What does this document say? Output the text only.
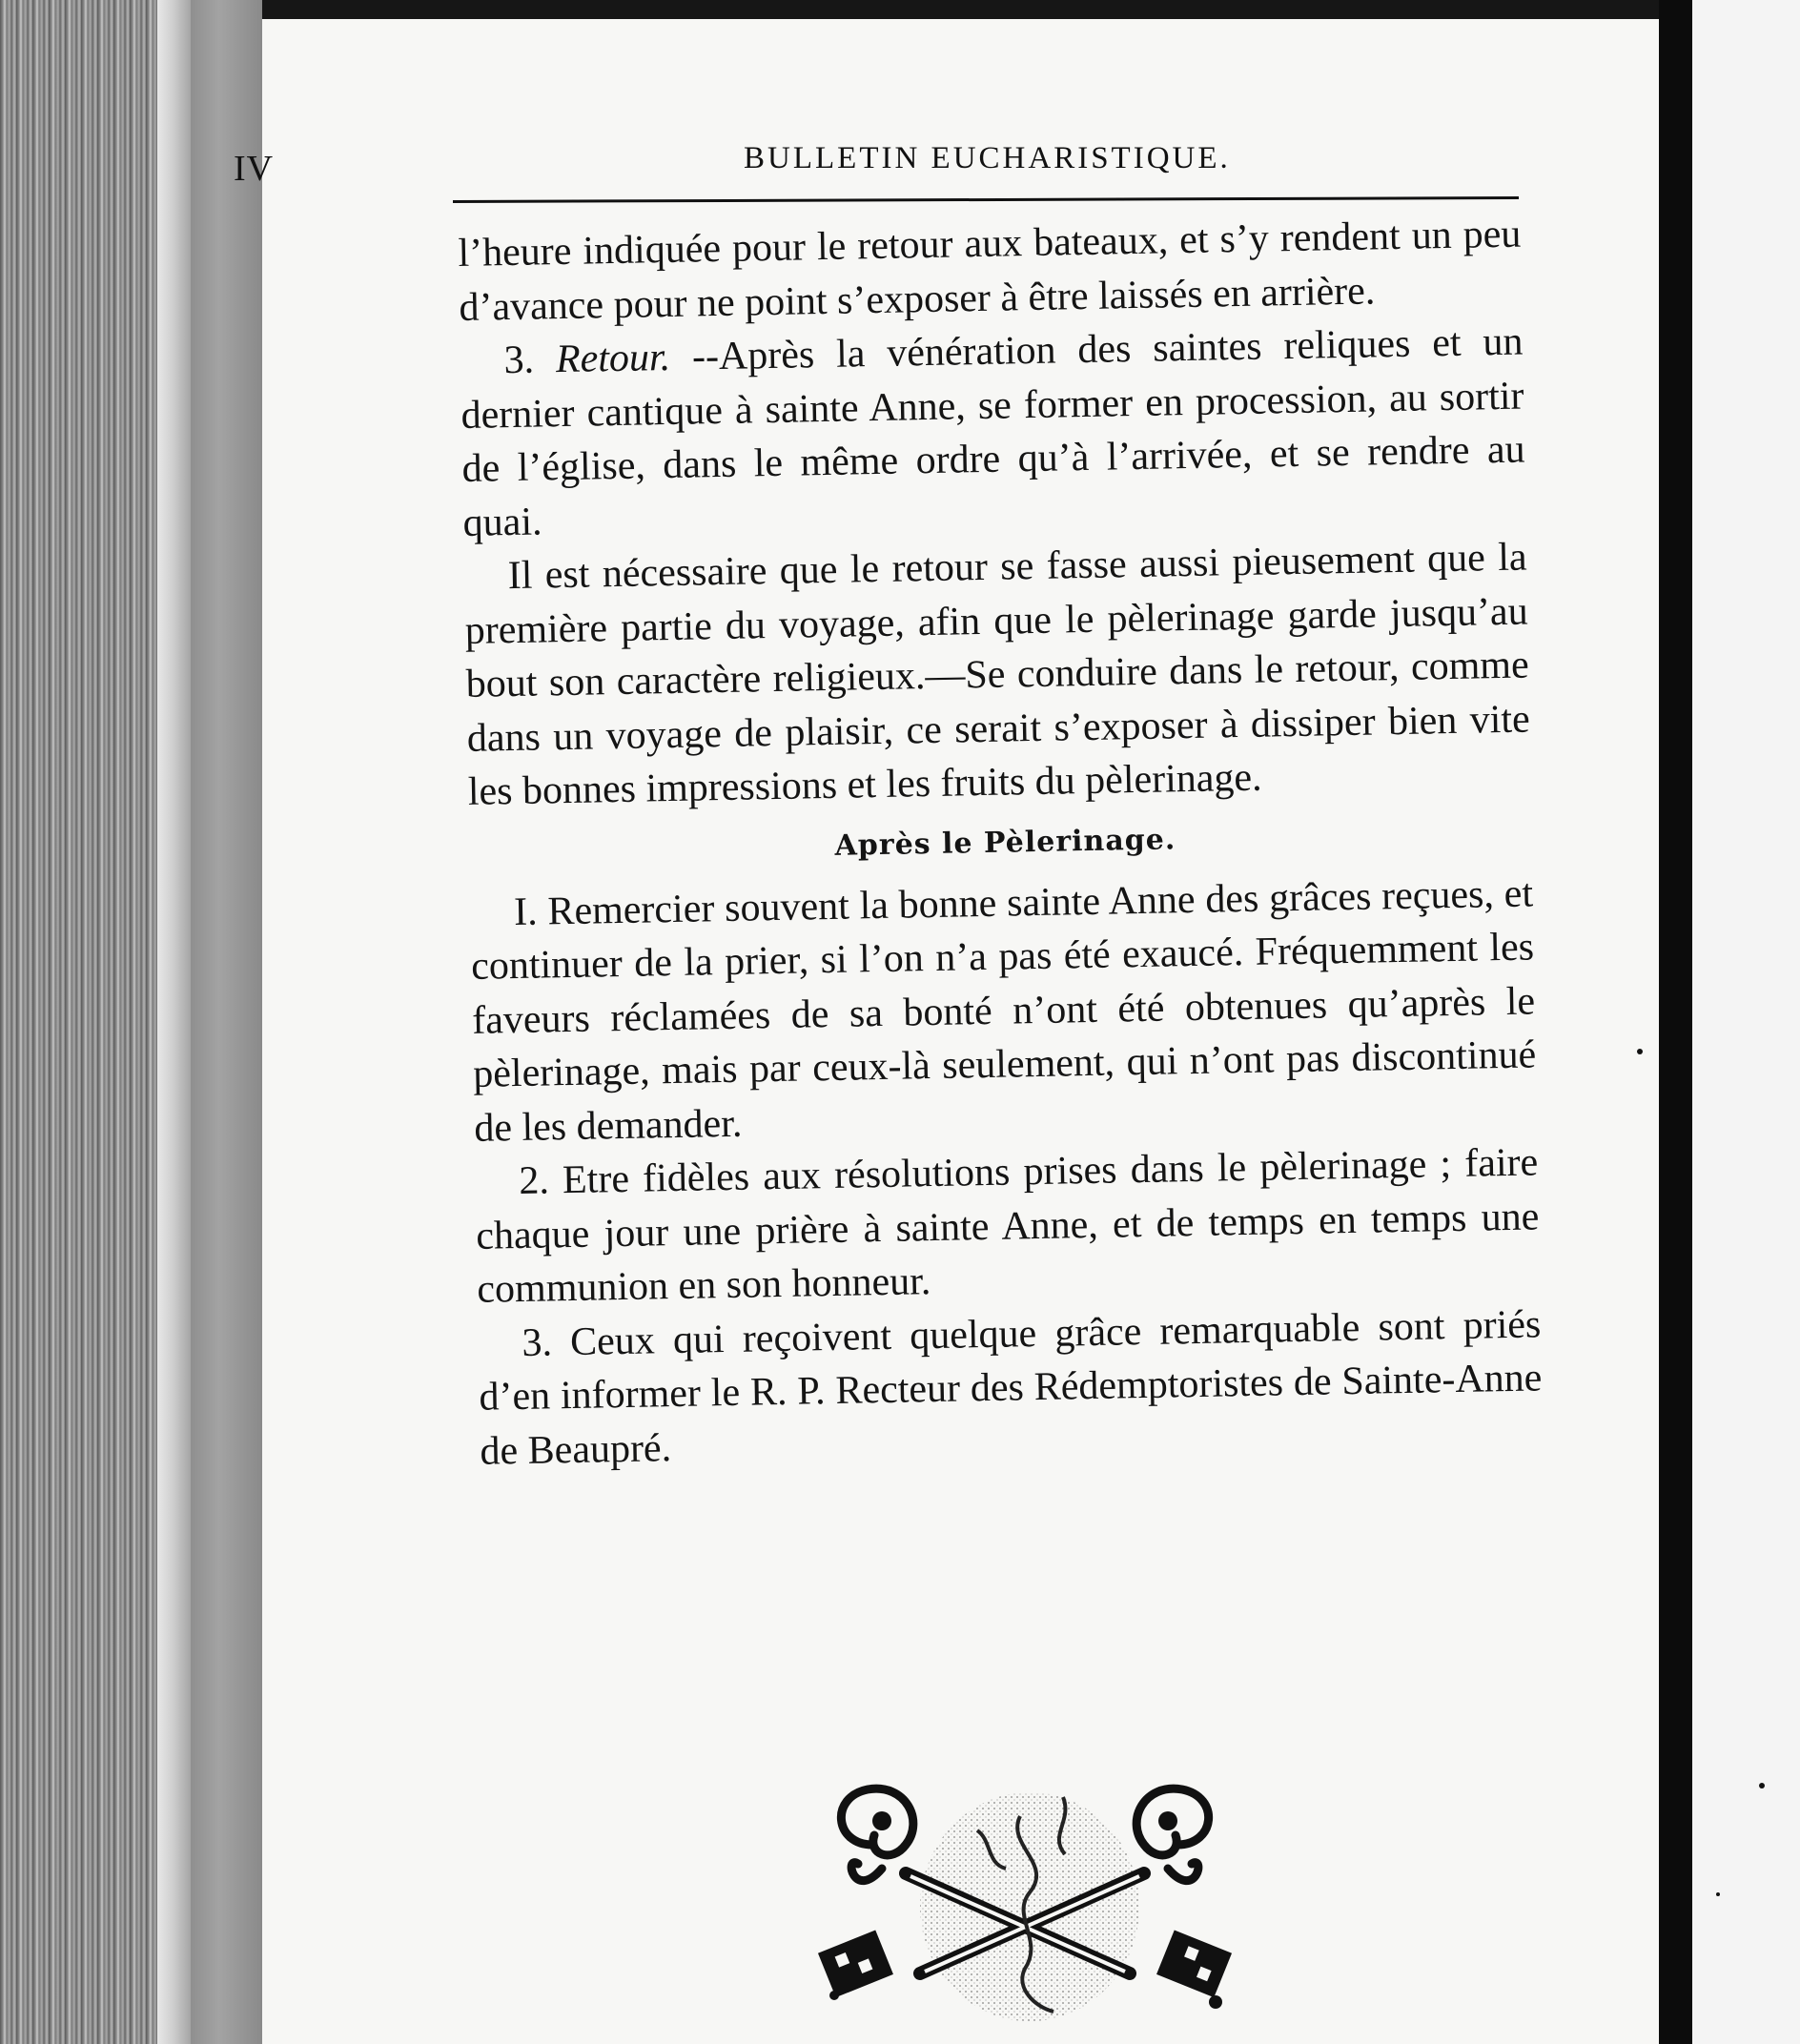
IV	BULLETIN EUCHARISTIQUE.

l’heure indiquée pour le retour aux bateaux, et s’y rendent un peu d’avance pour ne point s’exposer à être laissés en arrière.

3. Retour. --Après la vénération des saintes reliques et un dernier cantique à sainte Anne, se former en procession, au sortir de l’église, dans le même ordre qu’à l’arrivée, et se rendre au quai.

Il est nécessaire que le retour se fasse aussi pieusement que la première partie du voyage, afin que le pèlerinage garde jusqu’au bout son caractère religieux.—Se conduire dans le retour, comme dans un voyage de plaisir, ce serait s’exposer à dissiper bien vite les bonnes impressions et les fruits du pèlerinage.

Après le Pèlerinage.

I. Remercier souvent la bonne sainte Anne des grâces reçues, et continuer de la prier, si l’on n’a pas été exaucé. Fréquemment les faveurs réclamées de sa bonté n’ont été obtenues qu’après le pèlerinage, mais par ceux-là seulement, qui n’ont pas discontinué de les demander.

2. Etre fidèles aux résolutions prises dans le pèlerinage ; faire chaque jour une prière à sainte Anne, et de temps en temps une communion en son honneur.

3. Ceux qui reçoivent quelque grâce remarquable sont priés d’en informer le R. P. Recteur des Rédemptoristes de Sainte-Anne de Beaupré.
